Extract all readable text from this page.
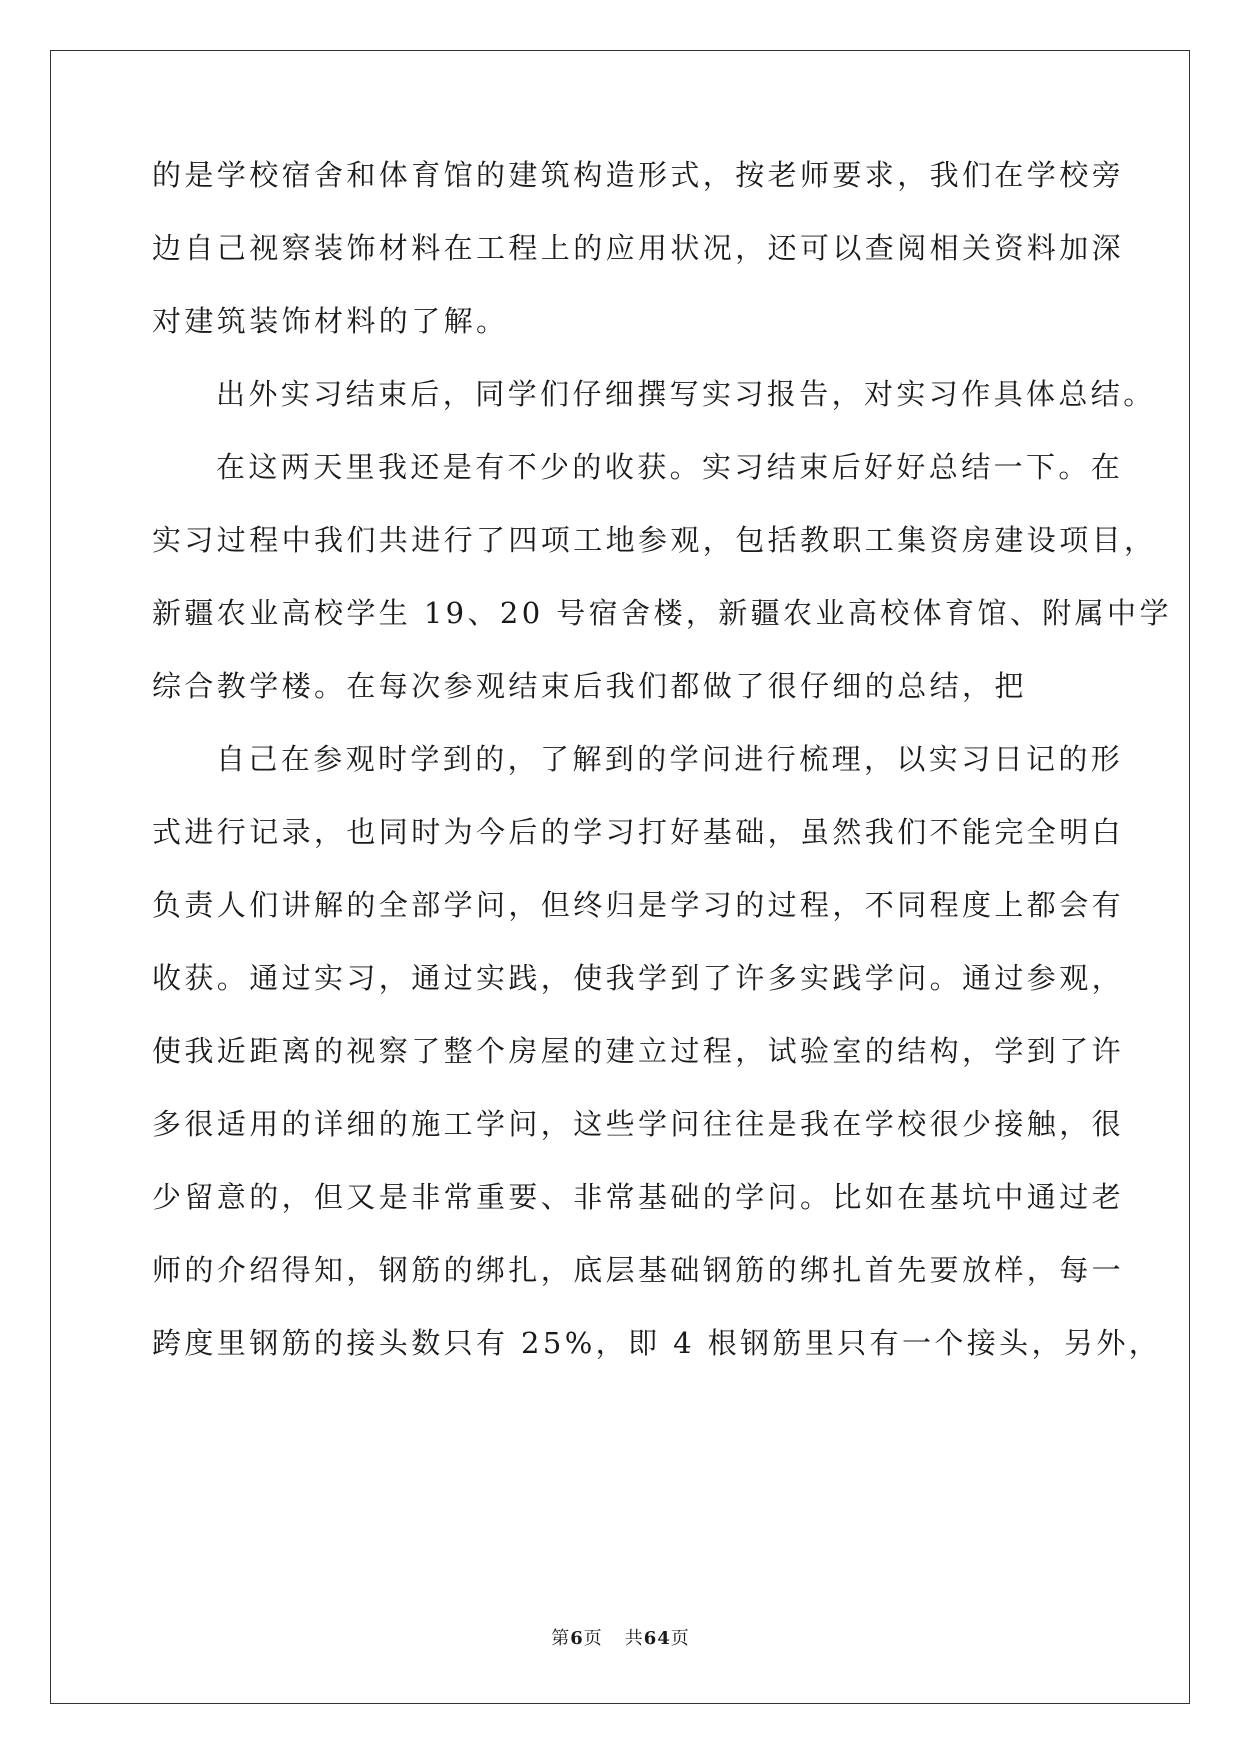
的是学校宿舍和体育馆的建筑构造形式，按老师要求，我们在学校旁
边自己视察装饰材料在工程上的应用状况，还可以查阅相关资料加深
对建筑装饰材料的了解。
出外实习结束后，同学们仔细撰写实习报告，对实习作具体总结。
在这两天里我还是有不少的收获。实习结束后好好总结一下。在
实习过程中我们共进行了四项工地参观，包括教职工集资房建设项目，
新疆农业高校学生 19、20 号宿舍楼，新疆农业高校体育馆、附属中学
综合教学楼。在每次参观结束后我们都做了很仔细的总结，把
自己在参观时学到的，了解到的学问进行梳理，以实习日记的形
式进行记录，也同时为今后的学习打好基础，虽然我们不能完全明白
负责人们讲解的全部学问，但终归是学习的过程，不同程度上都会有
收获。通过实习，通过实践，使我学到了许多实践学问。通过参观，
使我近距离的视察了整个房屋的建立过程，试验室的结构，学到了许
多很适用的详细的施工学问，这些学问往往是我在学校很少接触，很
少留意的，但又是非常重要、非常基础的学问。比如在基坑中通过老
师的介绍得知，钢筋的绑扎，底层基础钢筋的绑扎首先要放样，每一
跨度里钢筋的接头数只有 25%，即 4 根钢筋里只有一个接头，另外，
第6页 共64页
